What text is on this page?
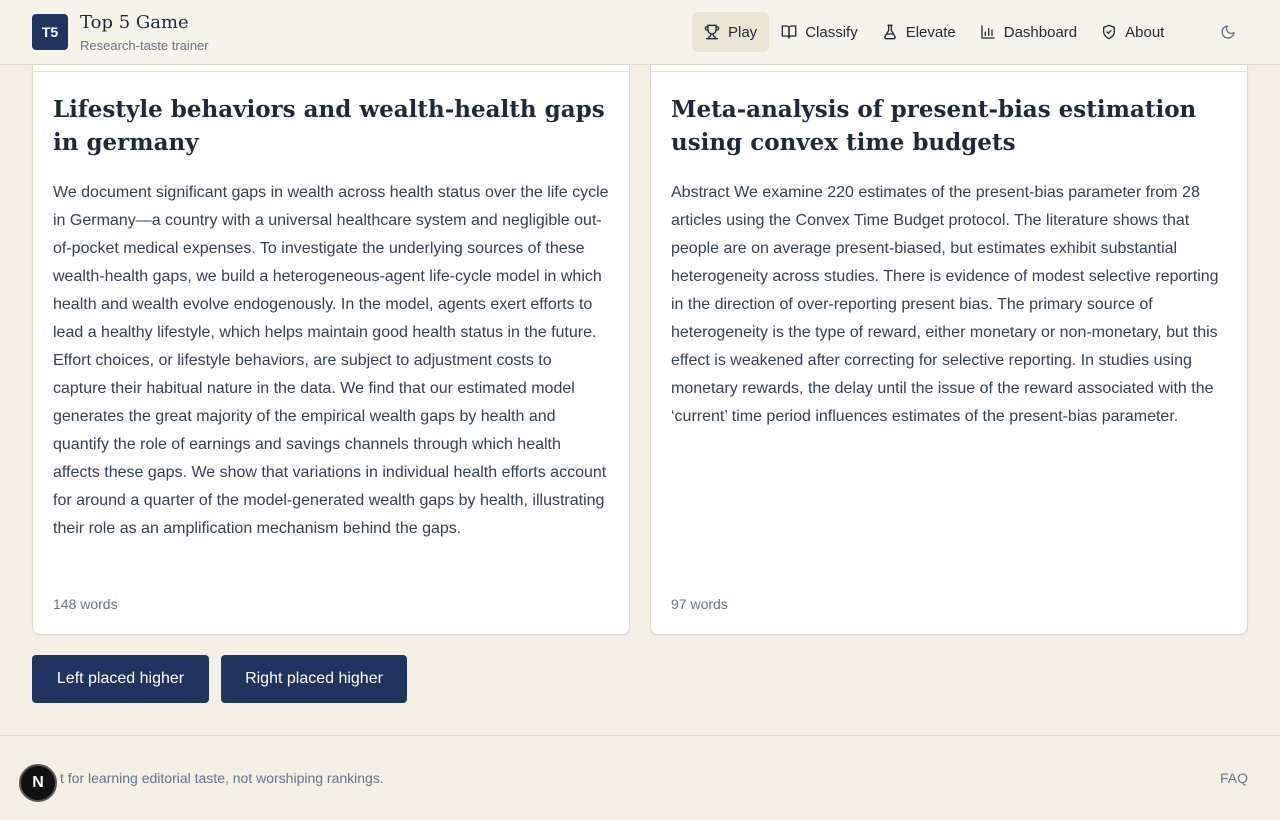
T5	Top 5 Game
Research-taste trainer
Play	Classify	Elevate	Dashboard	About
Lifestyle behaviors and wealth-health gaps in germany

We document significant gaps in wealth across health status over the life cycle in Germany—a country with a universal healthcare system and negligible out-of-pocket medical expenses. To investigate the underlying sources of these wealth-health gaps, we build a heterogeneous-agent life-cycle model in which health and wealth evolve endogenously. In the model, agents exert efforts to lead a healthy lifestyle, which helps maintain good health status in the future. Effort choices, or lifestyle behaviors, are subject to adjustment costs to capture their habitual nature in the data. We find that our estimated model generates the great majority of the empirical wealth gaps by health and quantify the role of earnings and savings channels through which health affects these gaps. We show that variations in individual health efforts account for around a quarter of the model-generated wealth gaps by health, illustrating their role as an amplification mechanism behind the gaps.

148 words
Meta-analysis of present-bias estimation using convex time budgets

Abstract We examine 220 estimates of the present-bias parameter from 28 articles using the Convex Time Budget protocol. The literature shows that people are on average present-biased, but estimates exhibit substantial heterogeneity across studies. There is evidence of modest selective reporting in the direction of over-reporting present bias. The primary source of heterogeneity is the type of reward, either monetary or non-monetary, but this effect is weakened after correcting for selective reporting. In studies using monetary rewards, the delay until the issue of the reward associated with the ‘current’ time period influences estimates of the present-bias parameter.

97 words
Left placed higher	Right placed higher
t for learning editorial taste, not worshiping rankings.	FAQ
N
